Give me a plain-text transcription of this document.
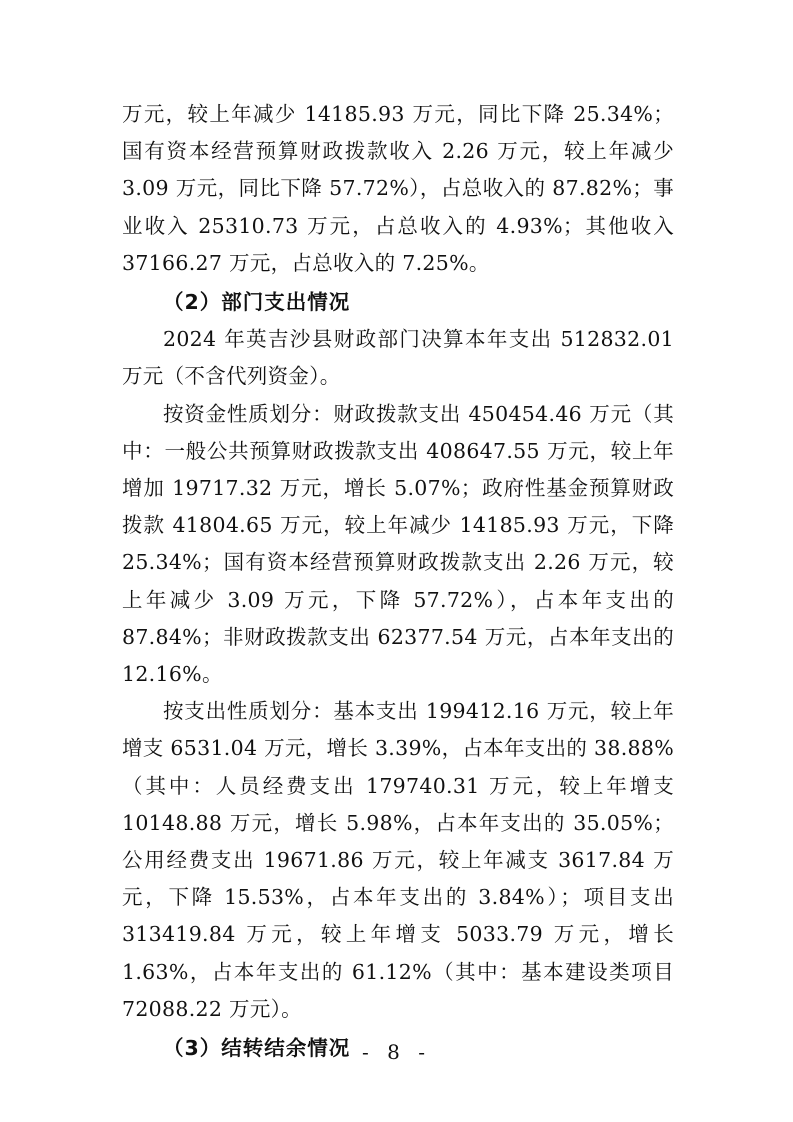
万元，较上年减少 14185.93 万元，同比下降 25.34%；国有资本经营预算财政拨款收入 2.26 万元，较上年减少 3.09 万元，同比下降 57.72%），占总收入的 87.82%；事业收入 25310.73 万元，占总收入的 4.93%；其他收入 37166.27 万元，占总收入的 7.25%。

（2）部门支出情况

2024 年英吉沙县财政部门决算本年支出 512832.01 万元（不含代列资金）。

按资金性质划分：财政拨款支出 450454.46 万元（其中：一般公共预算财政拨款支出 408647.55 万元，较上年增加 19717.32 万元，增长 5.07%；政府性基金预算财政拨款 41804.65 万元，较上年减少 14185.93 万元，下降 25.34%；国有资本经营预算财政拨款支出 2.26 万元，较上年减少 3.09 万元，下降 57.72%），占本年支出的 87.84%；非财政拨款支出 62377.54 万元，占本年支出的 12.16%。

按支出性质划分：基本支出 199412.16 万元，较上年增支 6531.04 万元，增长 3.39%，占本年支出的 38.88%（其中：人员经费支出 179740.31 万元，较上年增支 10148.88 万元，增长 5.98%，占本年支出的 35.05%；公用经费支出 19671.86 万元，较上年减支 3617.84 万元，下降 15.53%，占本年支出的 3.84%）；项目支出 313419.84 万元，较上年增支 5033.79 万元，增长 1.63%，占本年支出的 61.12%（其中：基本建设类项目 72088.22 万元）。

（3）结转结余情况 - 8 -
